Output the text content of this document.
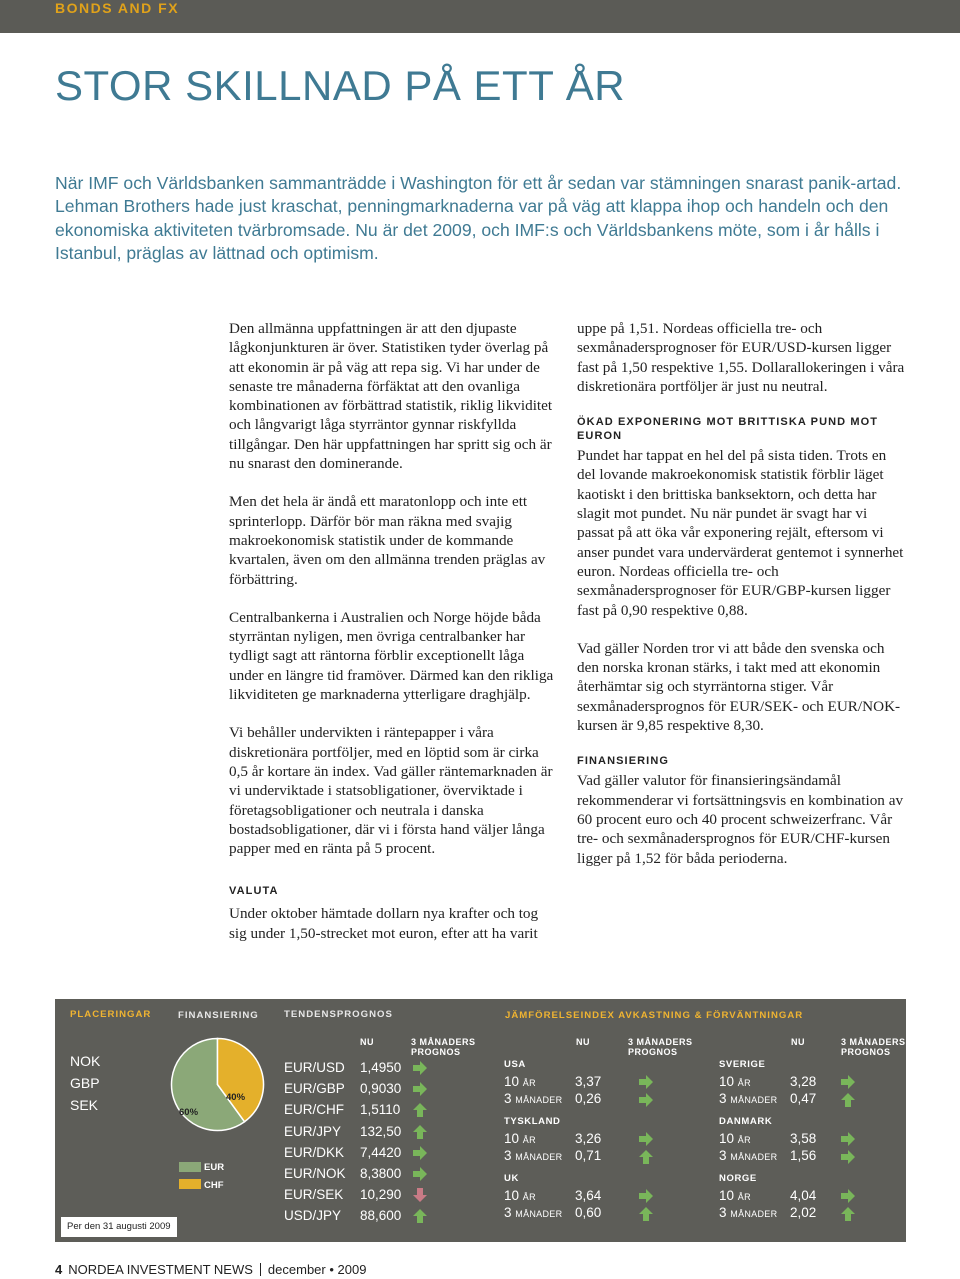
BONDS AND FX
STOR SKILLNAD PÅ ETT ÅR

När IMF och Världsbanken sammanträdde i Washington för ett år sedan var stämningen snarast panik-artad. Lehman Brothers hade just kraschat, penningmarknaderna var på väg att klappa ihop och handeln och den ekonomiska aktiviteten tvärbromsade. Nu är det 2009, och IMF:s och Världsbankens möte, som i år hålls i Istanbul, präglas av lättnad och optimism.

Den allmänna uppfattningen är att den djupaste lågkonjunkturen är över. Statistiken tyder överlag på att ekonomin är på väg att repa sig. Vi har under de senaste tre månaderna förfäktat att den ovanliga kombinationen av förbättrad statistik, riklig likviditet och långvarigt låga styrräntor gynnar riskfyllda tillgångar. Den här uppfattningen har spritt sig och är nu snarast den dominerande.

Men det hela är ändå ett maratonlopp och inte ett sprinterlopp. Därför bör man räkna med svajig makroekonomisk statistik under de kommande kvartalen, även om den allmänna trenden präglas av förbättring.

Centralbankerna i Australien och Norge höjde båda styrräntan nyligen, men övriga centralbanker har tydligt sagt att räntorna förblir exceptionellt låga under en längre tid framöver. Därmed kan den rikliga likviditeten ge marknaderna ytterligare draghjälp.

Vi behåller undervikten i räntepapper i våra diskretionära portföljer, med en löptid som är cirka 0,5 år kortare än index. Vad gäller räntemarknaden är vi underviktade i statsobligationer, överviktade i företagsobligationer och neutrala i danska bostadsobligationer, där vi i första hand väljer långa papper med en ränta på 5 procent.

VALUTA

Under oktober hämtade dollarn nya krafter och tog sig under 1,50-strecket mot euron, efter att ha varit

uppe på 1,51. Nordeas officiella tre- och sexmånadersprognoser för EUR/USD-kursen ligger fast på 1,50 respektive 1,55. Dollarallokeringen i våra diskretionära portföljer är just nu neutral.

ÖKAD EXPONERING MOT BRITTISKA PUND MOT EURON

Pundet har tappat en hel del på sista tiden. Trots en del lovande makroekonomisk statistik förblir läget kaotiskt i den brittiska banksektorn, och detta har slagit mot pundet. Nu när pundet är svagt har vi passat på att öka vår exponering rejält, eftersom vi anser pundet vara undervärderat gentemot i synnerhet euron. Nordeas officiella tre- och sexmånadersprognoser för EUR/GBP-kursen ligger fast på 0,90 respektive 0,88.

Vad gäller Norden tror vi att både den svenska och den norska kronan stärks, i takt med att ekonomin återhämtar sig och styrräntorna stiger. Vår sexmånadersprognos för EUR/SEK- och EUR/NOK-kursen är 9,85 respektive 8,30.

FINANSIERING

Vad gäller valutor för finansieringsändamål rekommenderar vi fortsättningsvis en kombination av 60 procent euro och 40 procent schweizerfranc. Vår tre- och sexmånadersprognos för EUR/CHF-kursen ligger på 1,52 för båda perioderna.

PLACERINGAR	FINANSIERING	TENDENSPROGNOS	JÄMFÖRELSEINDEX AVKASTNING & FÖRVÄNTNINGAR
NOK
GBP
SEK
Per den 31 augusti 2009
60%
40%
EUR
CHF
NU	3 MÅNADERS
PROGNOS
NU	3 MÅNADERS
PROGNOS
NU	3 MÅNADERS
PROGNOS
EUR/USD 1,4950
EUR/GBP 0,9030
EUR/CHF 1,5110
EUR/JPY 132,50
EUR/DKK 7,4420
EUR/NOK 8,3800
EUR/SEK 10,290
USD/JPY 88,600
USA
10 ÅR	3,37
3 MÅNADER 0,26
TYSKLAND
10 ÅR	3,26
3 MÅNADER 0,71
UK
10 ÅR	3,64
3 MÅNADER 0,60
SVERIGE
10 ÅR	3,28
3 MÅNADER 0,47
DANMARK
10 ÅR	3,58
3 MÅNADER 1,56
NORGE
10 ÅR	4,04
3 MÅNADER 2,02
4 NORDEA INVESTMENT NEWS december • 2009
